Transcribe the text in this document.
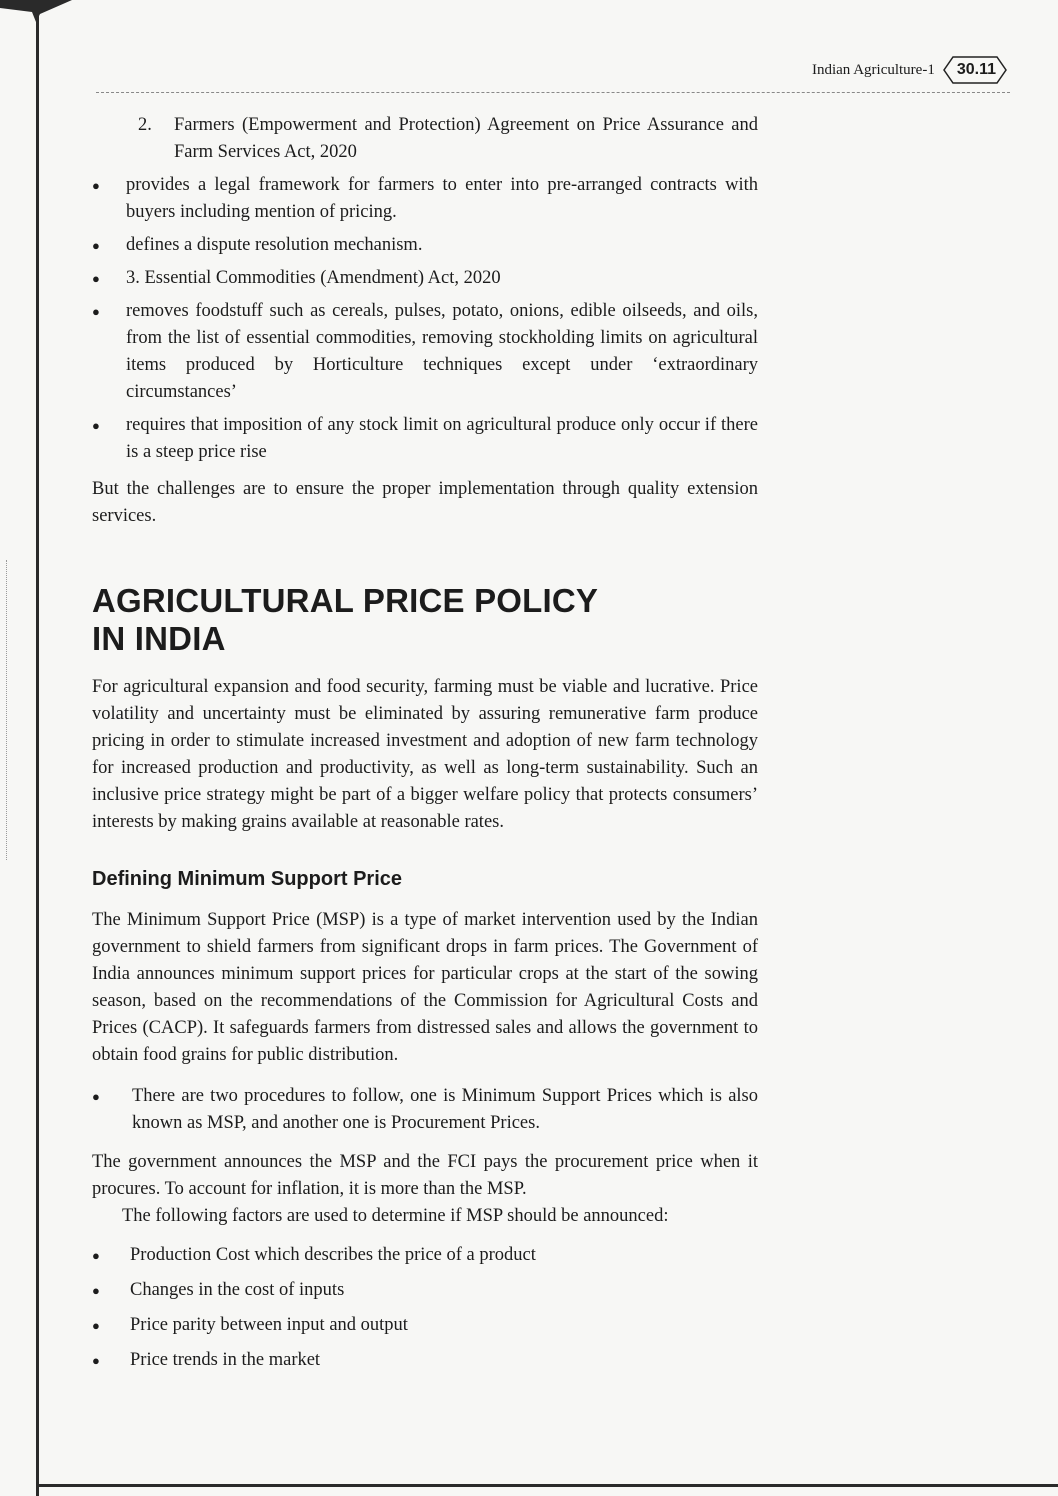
Indian Agriculture-1	30.11
2.	Farmers (Empowerment and Protection) Agreement on Price Assurance and Farm Services Act, 2020
●	provides a legal framework for farmers to enter into pre-arranged contracts with buyers including mention of pricing.
●	defines a dispute resolution mechanism.
●	3. Essential Commodities (Amendment) Act, 2020
●	removes foodstuff such as cereals, pulses, potato, onions, edible oilseeds, and oils, from the list of essential commodities, removing stockholding limits on agricultural items produced by Horticulture techniques except under ‘extraordinary circumstances’
●	requires that imposition of any stock limit on agricultural produce only occur if there is a steep price rise

But the challenges are to ensure the proper implementation through quality extension services.

AGRICULTURAL PRICE POLICY
IN INDIA

For agricultural expansion and food security, farming must be viable and lucrative. Price volatility and uncertainty must be eliminated by assuring remunerative farm produce pricing in order to stimulate increased investment and adoption of new farm technology for increased production and productivity, as well as long-term sustainability. Such an inclusive price strategy might be part of a bigger welfare policy that protects consumers’ interests by making grains available at reasonable rates.

Defining Minimum Support Price

The Minimum Support Price (MSP) is a type of market intervention used by the Indian government to shield farmers from significant drops in farm prices. The Government of India announces minimum support prices for particular crops at the start of the sowing season, based on the recommendations of the Commission for Agricultural Costs and Prices (CACP). It safeguards farmers from distressed sales and allows the government to obtain food grains for public distribution.

●	There are two procedures to follow, one is Minimum Support Prices which is also known as MSP, and another one is Procurement Prices.

The government announces the MSP and the FCI pays the procurement price when it procures. To account for inflation, it is more than the MSP.

The following factors are used to determine if MSP should be announced:

●	Production Cost which describes the price of a product
●	Changes in the cost of inputs
●	Price parity between input and output
●	Price trends in the market
